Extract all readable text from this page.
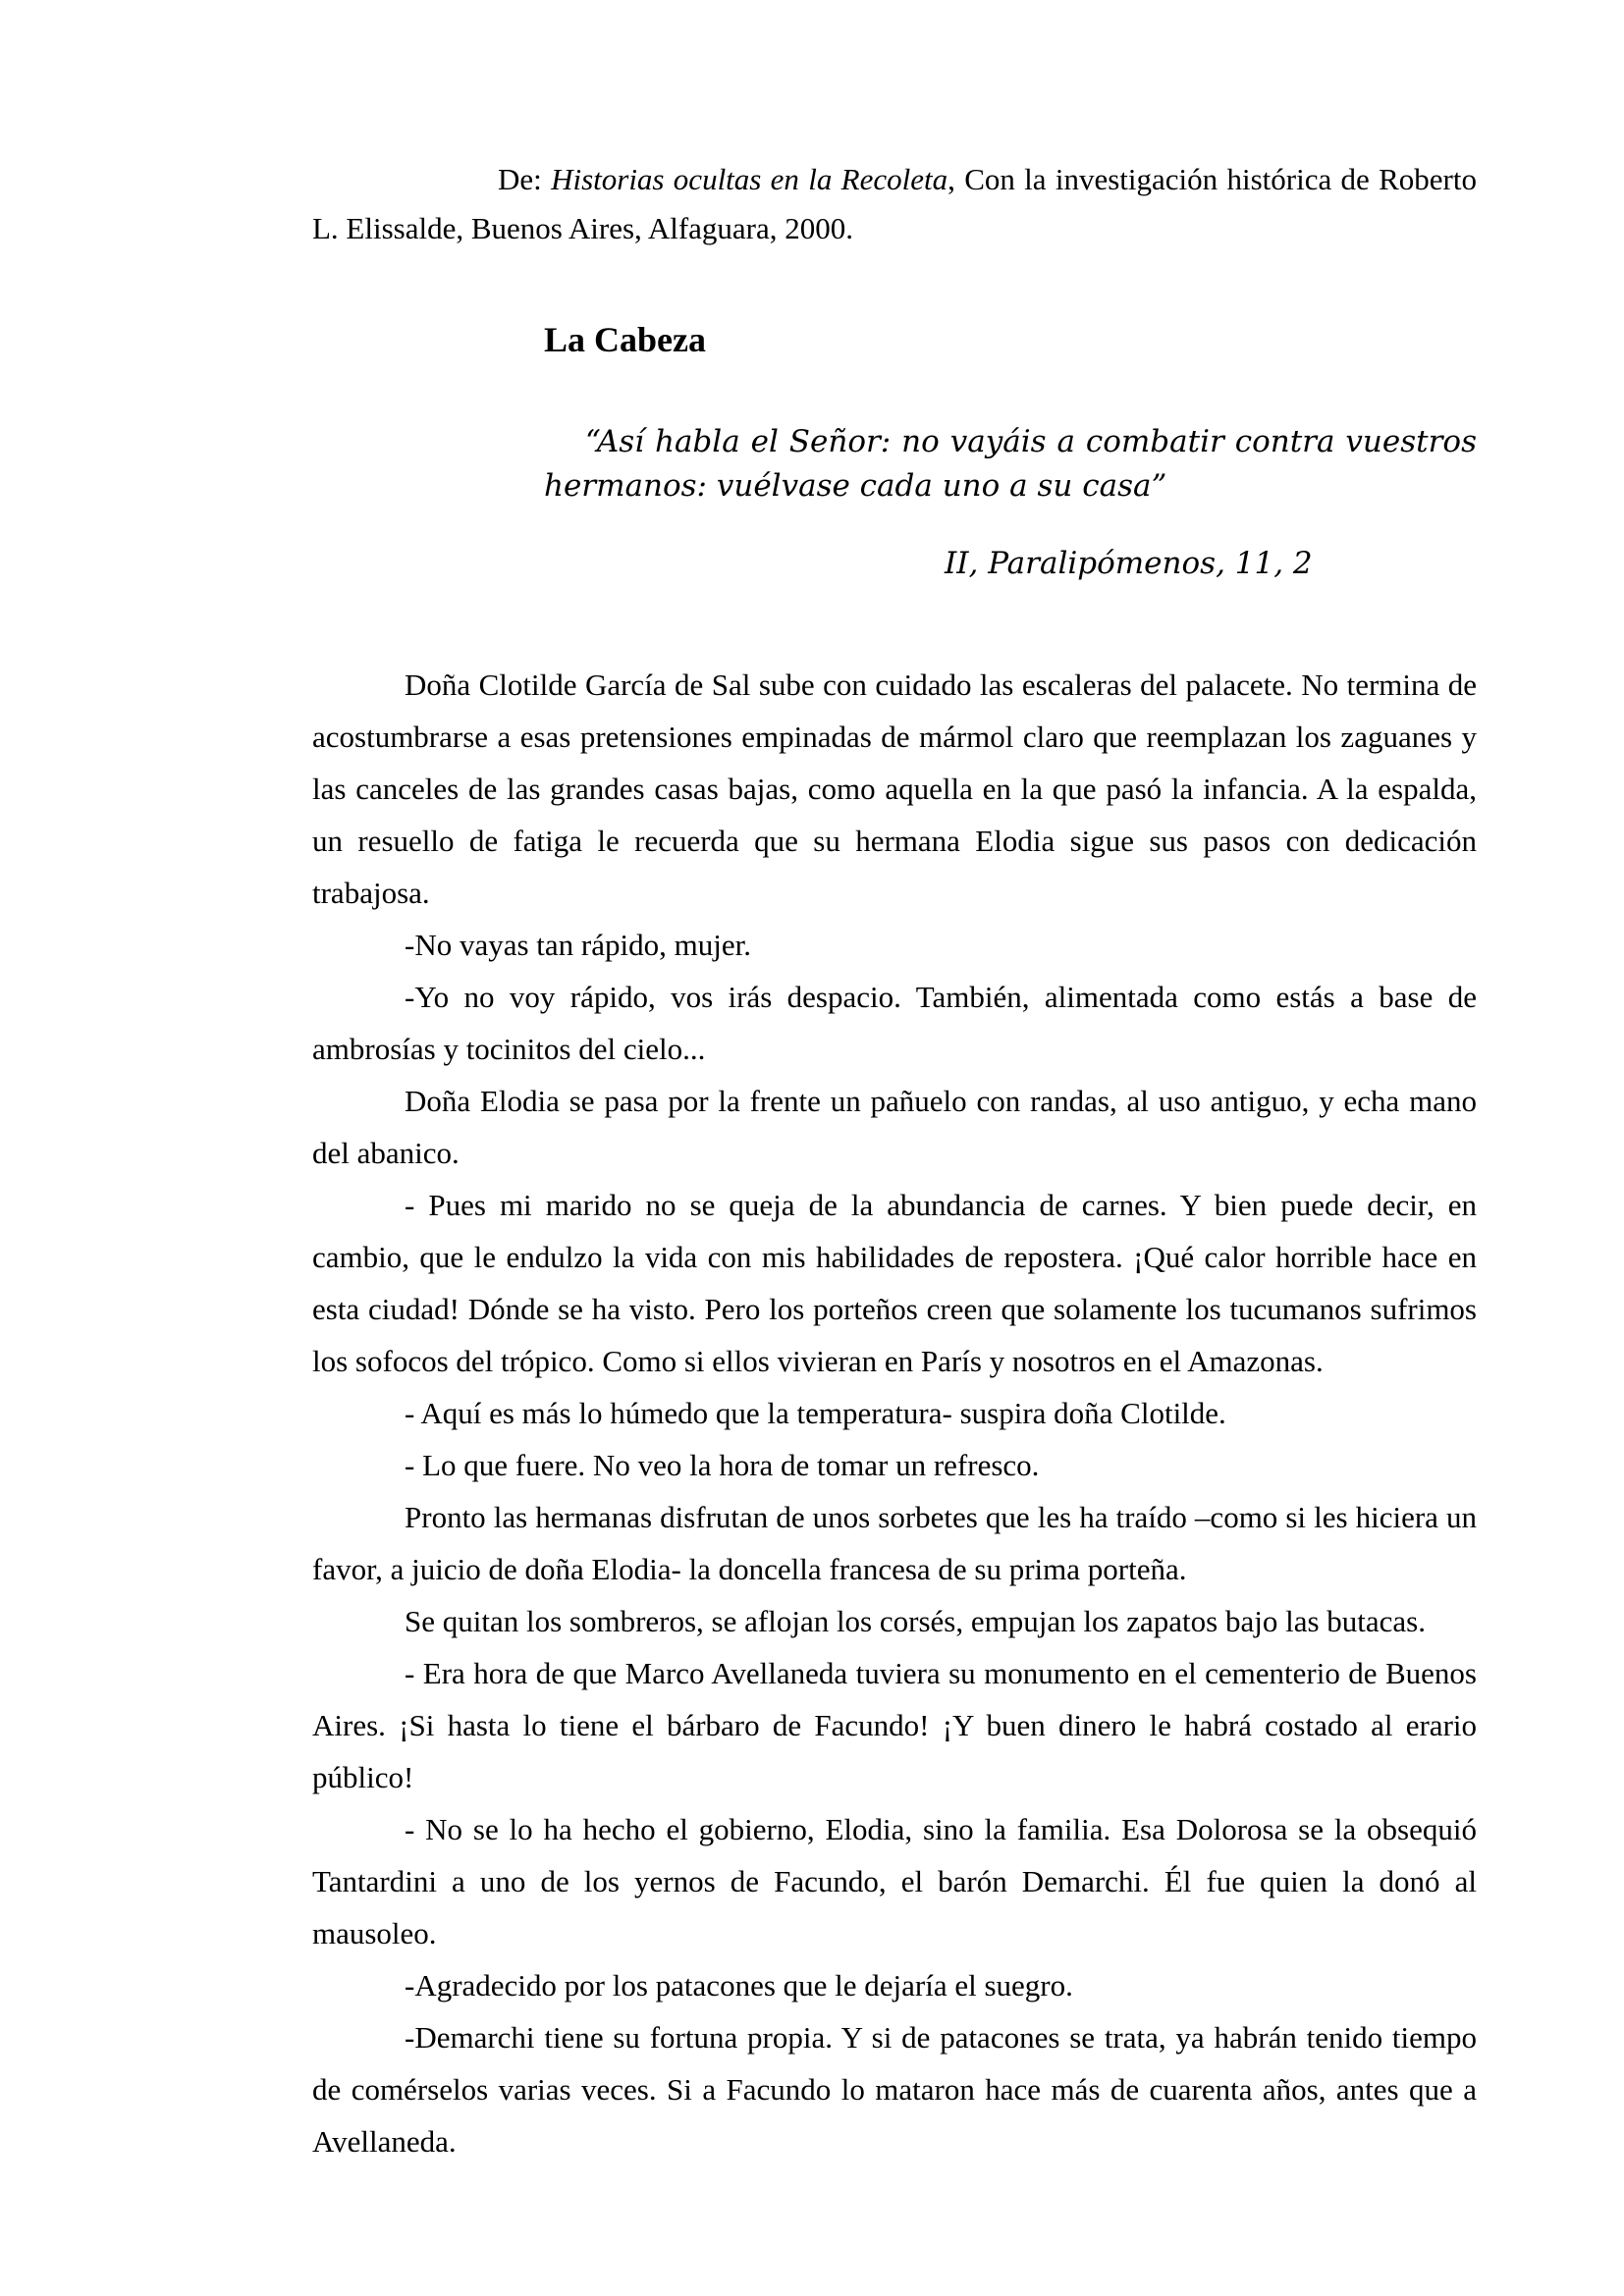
De: Historias ocultas en la Recoleta, Con la investigación histórica de Roberto L. Elissalde, Buenos Aires, Alfaguara, 2000.

La Cabeza

“Así habla el Señor: no vayáis a combatir contra vuestros hermanos: vuélvase cada uno a su casa”

II, Paralipómenos, 11, 2

Doña Clotilde García de Sal sube con cuidado las escaleras del palacete. No termina de acostumbrarse a esas pretensiones empinadas de mármol claro que reemplazan los zaguanes y las canceles de las grandes casas bajas, como aquella en la que pasó la infancia. A la espalda, un resuello de fatiga le recuerda que su hermana Elodia sigue sus pasos con dedicación trabajosa.

-No vayas tan rápido, mujer.

-Yo no voy rápido, vos irás despacio. También, alimentada como estás a base de ambrosías y tocinitos del cielo...

Doña Elodia se pasa por la frente un pañuelo con randas, al uso antiguo, y echa mano del abanico.

- Pues mi marido no se queja de la abundancia de carnes. Y bien puede decir, en cambio, que le endulzo la vida con mis habilidades de repostera. ¡Qué calor horrible hace en esta ciudad! Dónde se ha visto. Pero los porteños creen que solamente los tucumanos sufrimos los sofocos del trópico. Como si ellos vivieran en París y nosotros en el Amazonas.

- Aquí es más lo húmedo que la temperatura- suspira doña Clotilde.

- Lo que fuere. No veo la hora de tomar un refresco.

Pronto las hermanas disfrutan de unos sorbetes que les ha traído –como si les hiciera un favor, a juicio de doña Elodia- la doncella francesa de su prima porteña.

Se quitan los sombreros, se aflojan los corsés, empujan los zapatos bajo las butacas.

- Era hora de que Marco Avellaneda tuviera su monumento en el cementerio de Buenos Aires. ¡Si hasta lo tiene el bárbaro de Facundo! ¡Y buen dinero le habrá costado al erario público!

- No se lo ha hecho el gobierno, Elodia, sino la familia. Esa Dolorosa se la obsequió Tantardini a uno de los yernos de Facundo, el barón Demarchi. Él fue quien la donó al mausoleo.

-Agradecido por los patacones que le dejaría el suegro.

-Demarchi tiene su fortuna propia. Y si de patacones se trata, ya habrán tenido tiempo de comérselos varias veces. Si a Facundo lo mataron hace más de cuarenta años, antes que a Avellaneda.
